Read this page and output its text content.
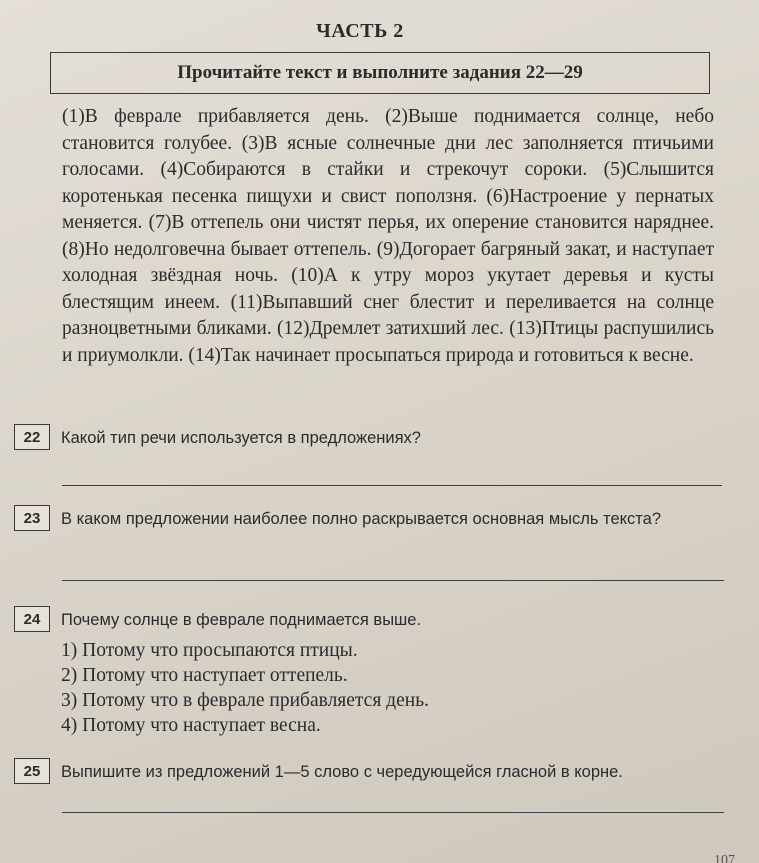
ЧАСТЬ 2
Прочитайте текст и выполните задания 22—29

(1)В феврале прибавляется день. (2)Выше поднимается солнце, небо становится голубее. (3)В ясные солнечные дни лес заполняется птичьими голосами. (4)Собираются в стайки и стрекочут сороки. (5)Слышится коротенькая песенка пищухи и свист поползня. (6)Настроение у пернатых меняется. (7)В оттепель они чистят перья, их оперение становится наряднее. (8)Но недолговечна бывает оттепель. (9)Догорает багряный закат, и наступает холодная звёздная ночь. (10)А к утру мороз укутает деревья и кусты блестящим инеем. (11)Выпавший снег блестит и переливается на солнце разноцветными бликами. (12)Дремлет затихший лес. (13)Птицы распушились и приумолкли. (14)Так начинает просыпаться природа и готовиться к весне.

22	Какой тип речи используется в предложениях?
23	В каком предложении наиболее полно раскрывается основная мысль текста?
24	Почему солнце в феврале поднимается выше.
1) Потому что просыпаются птицы.
2) Потому что наступает оттепель.
3) Потому что в феврале прибавляется день.
4) Потому что наступает весна.
25	Выпишите из предложений 1—5 слово с чередующейся гласной в корне.
107
